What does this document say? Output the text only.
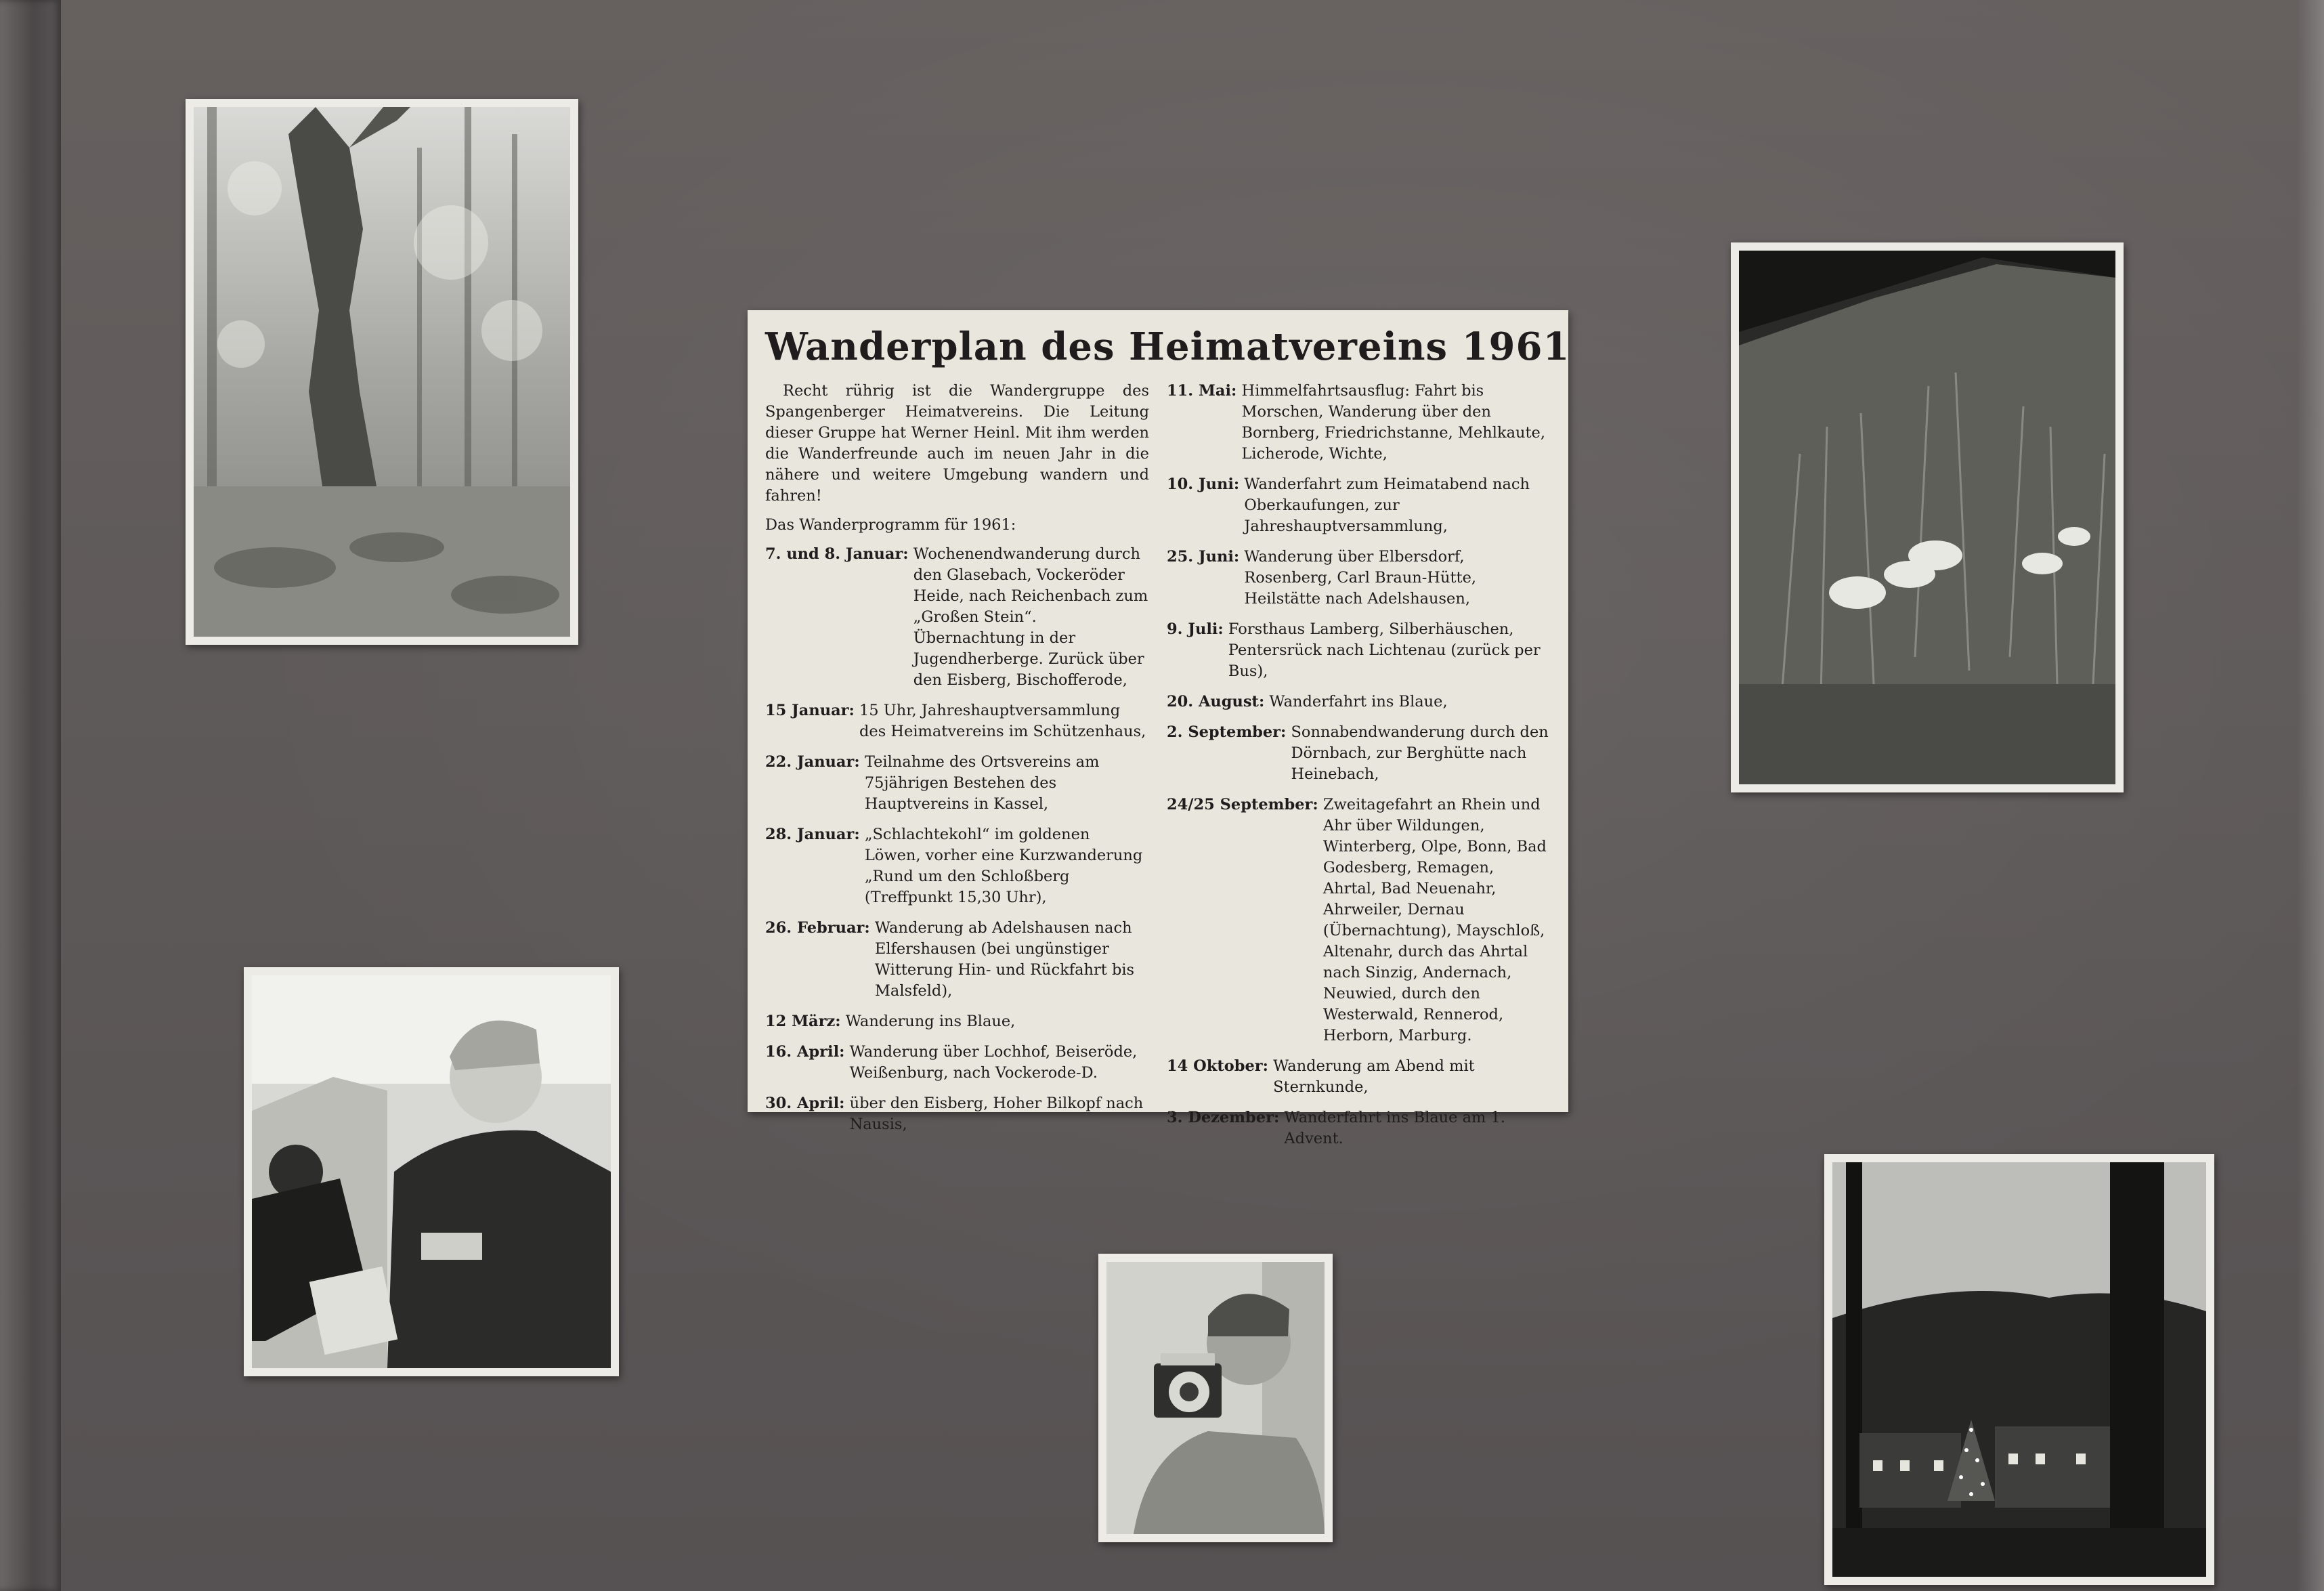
Wanderplan des Heimatvereins 1961
Recht rührig ist die Wandergruppe des Spangenberger Heimatvereins. Die Leitung dieser Gruppe hat Werner Heinl. Mit ihm werden die Wanderfreunde auch im neuen Jahr in die nähere und weitere Umgebung wandern und fahren!
Das Wanderprogramm für 1961:
7. und 8. Januar:
Wochenendwanderung durch den Glasebach, Vockeröder Heide, nach Reichenbach zum „Großen Stein“. Übernachtung in der Jugendherberge. Zurück über den Eisberg, Bischofferode,
15 Januar:
15 Uhr, Jahreshauptversammlung des Heimatvereins im Schützenhaus,
22. Januar:
Teilnahme des Ortsvereins am 75jährigen Bestehen des Hauptvereins in Kassel,
28. Januar:
„Schlachtekohl“ im goldenen Löwen, vorher eine Kurzwanderung „Rund um den Schloßberg (Treffpunkt 15,30 Uhr),
26. Februar:
Wanderung ab Adelshausen nach Elfershausen (bei ungünstiger Witterung Hin- und Rückfahrt bis Malsfeld),
12 März:
Wanderung ins Blaue,
16. April:
Wanderung über Lochhof, Beiseröde, Weißenburg, nach Vockerode-D.
30. April:
über den Eisberg, Hoher Bilkopf nach Nausis,
11. Mai:
Himmelfahrtsausflug: Fahrt bis Morschen, Wanderung über den Bornberg, Friedrichstanne, Mehlkaute, Licherode, Wichte,
10. Juni:
Wanderfahrt zum Heimatabend nach Oberkaufungen, zur Jahreshauptversammlung,
25. Juni:
Wanderung über Elbersdorf, Rosenberg, Carl Braun-Hütte, Heilstätte nach Adelshausen,
9. Juli:
Forsthaus Lamberg, Silberhäuschen, Pentersrück nach Lichtenau (zurück per Bus),
20. August:
Wanderfahrt ins Blaue,
2. September:
Sonnabendwanderung durch den Dörnbach, zur Berghütte nach Heinebach,
24/25 September:
Zweitagefahrt an Rhein und Ahr über Wildungen, Winterberg, Olpe, Bonn, Bad Godesberg, Remagen, Ahrtal, Bad Neuenahr, Ahrweiler, Dernau (Übernachtung), Mayschloß, Altenahr, durch das Ahrtal nach Sinzig, Andernach, Neuwied, durch den Westerwald, Rennerod, Herborn, Marburg.
14 Oktober:
Wanderung am Abend mit Sternkunde,
3. Dezember:
Wanderfahrt ins Blaue am 1. Advent.
